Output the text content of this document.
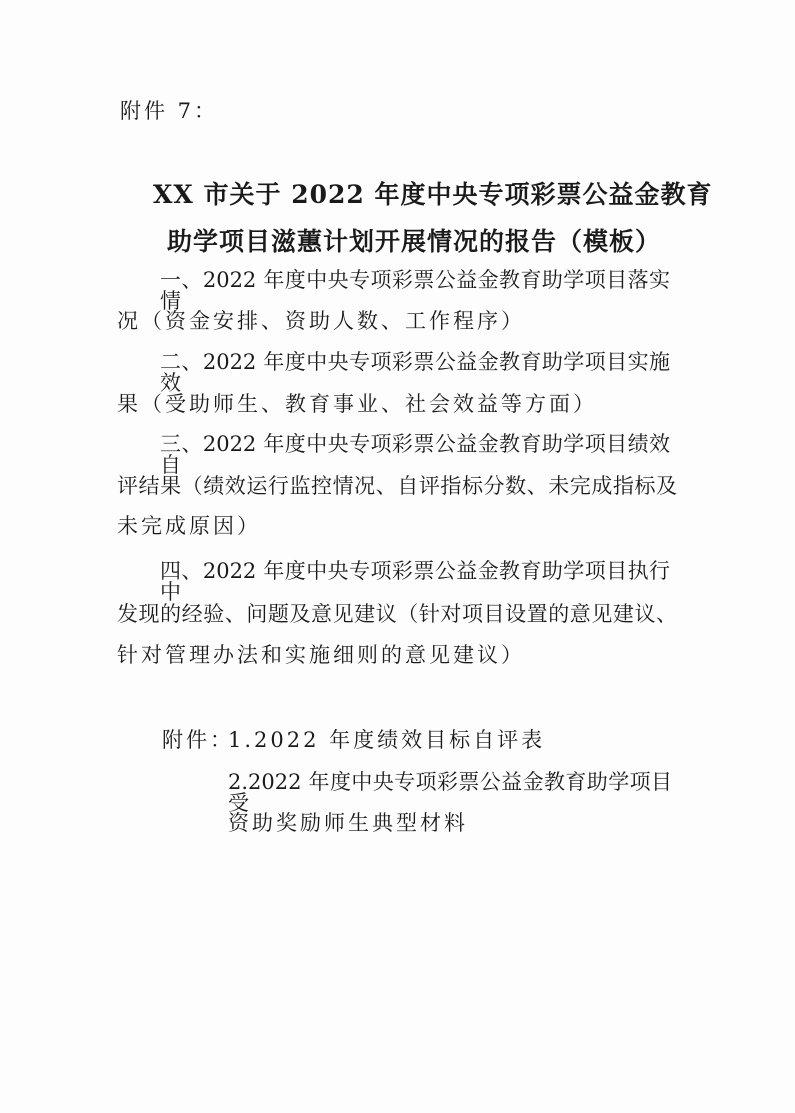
附件 7：
XX 市关于 2022 年度中央专项彩票公益金教育
助学项目滋蕙计划开展情况的报告（模板）
一、2022 年度中央专项彩票公益金教育助学项目落实情
况（资金安排、资助人数、工作程序）
二、2022 年度中央专项彩票公益金教育助学项目实施效
果（受助师生、教育事业、社会效益等方面）
三、2022 年度中央专项彩票公益金教育助学项目绩效自
评结果（绩效运行监控情况、自评指标分数、未完成指标及
未完成原因）
四、2022 年度中央专项彩票公益金教育助学项目执行中
发现的经验、问题及意见建议（针对项目设置的意见建议、
针对管理办法和实施细则的意见建议）
附件：
1.2022 年度绩效目标自评表
2.2022 年度中央专项彩票公益金教育助学项目受
资助奖励师生典型材料
